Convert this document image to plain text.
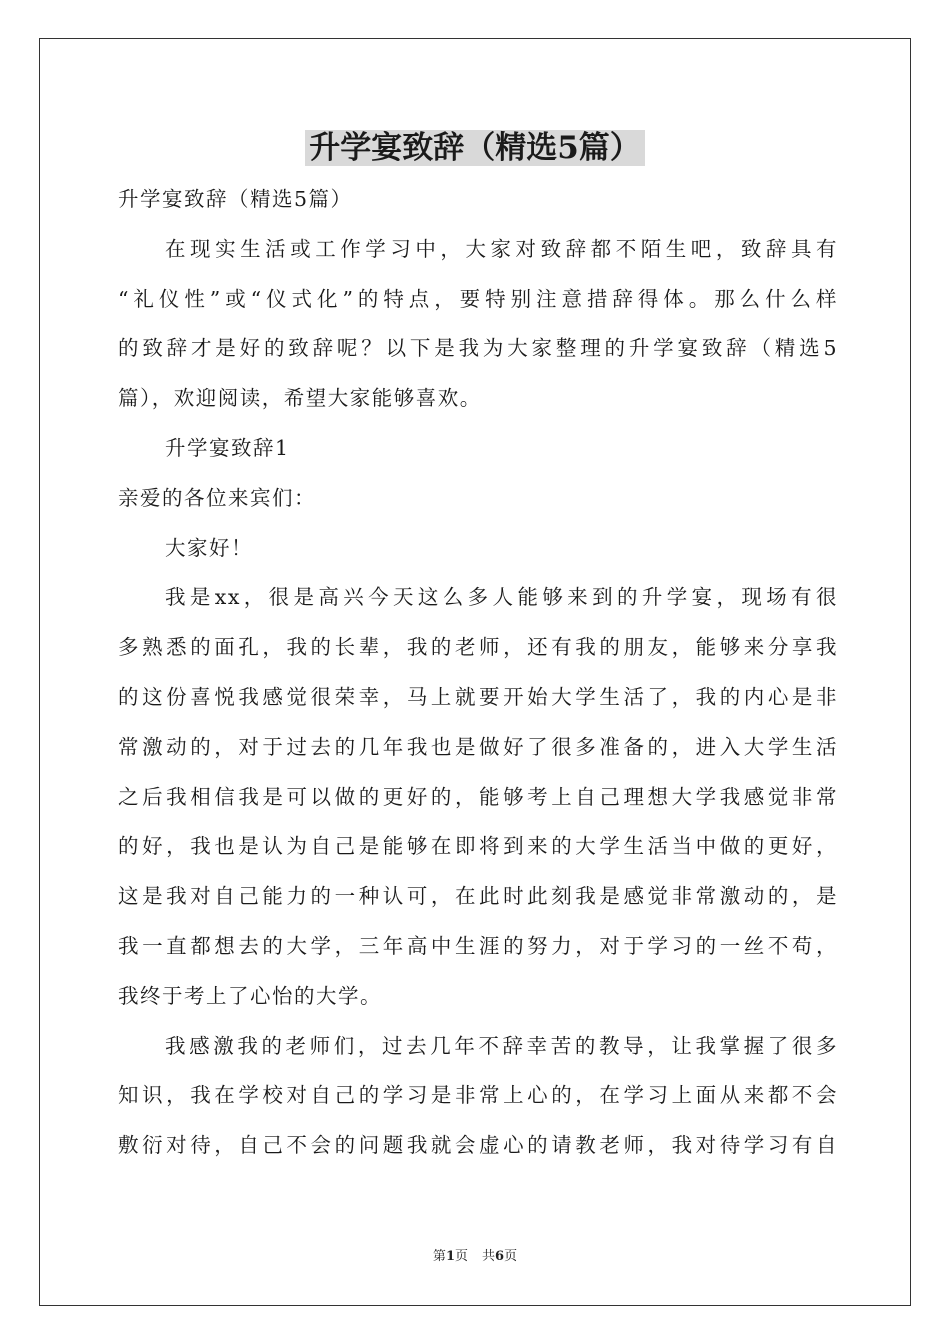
升学宴致辞（精选5篇）
升学宴致辞（精选5篇）
在现实生活或工作学习中，大家对致辞都不陌生吧，致辞具有
“礼仪性”或“仪式化”的特点，要特别注意措辞得体。那么什么样
的致辞才是好的致辞呢？以下是我为大家整理的升学宴致辞（精选5
篇），欢迎阅读，希望大家能够喜欢。
升学宴致辞1
亲爱的各位来宾们：
大家好！
我是xx，很是高兴今天这么多人能够来到的升学宴，现场有很
多熟悉的面孔，我的长辈，我的老师，还有我的朋友，能够来分享我
的这份喜悦我感觉很荣幸，马上就要开始大学生活了，我的内心是非
常激动的，对于过去的几年我也是做好了很多准备的，进入大学生活
之后我相信我是可以做的更好的，能够考上自己理想大学我感觉非常
的好，我也是认为自己是能够在即将到来的大学生活当中做的更好，
这是我对自己能力的一种认可，在此时此刻我是感觉非常激动的，是
我一直都想去的大学，三年高中生涯的努力，对于学习的一丝不苟，
我终于考上了心怡的大学。
我感激我的老师们，过去几年不辞幸苦的教导，让我掌握了很多
知识，我在学校对自己的学习是非常上心的，在学习上面从来都不会
敷衍对待，自己不会的问题我就会虚心的请教老师，我对待学习有自
第1页 共6页
